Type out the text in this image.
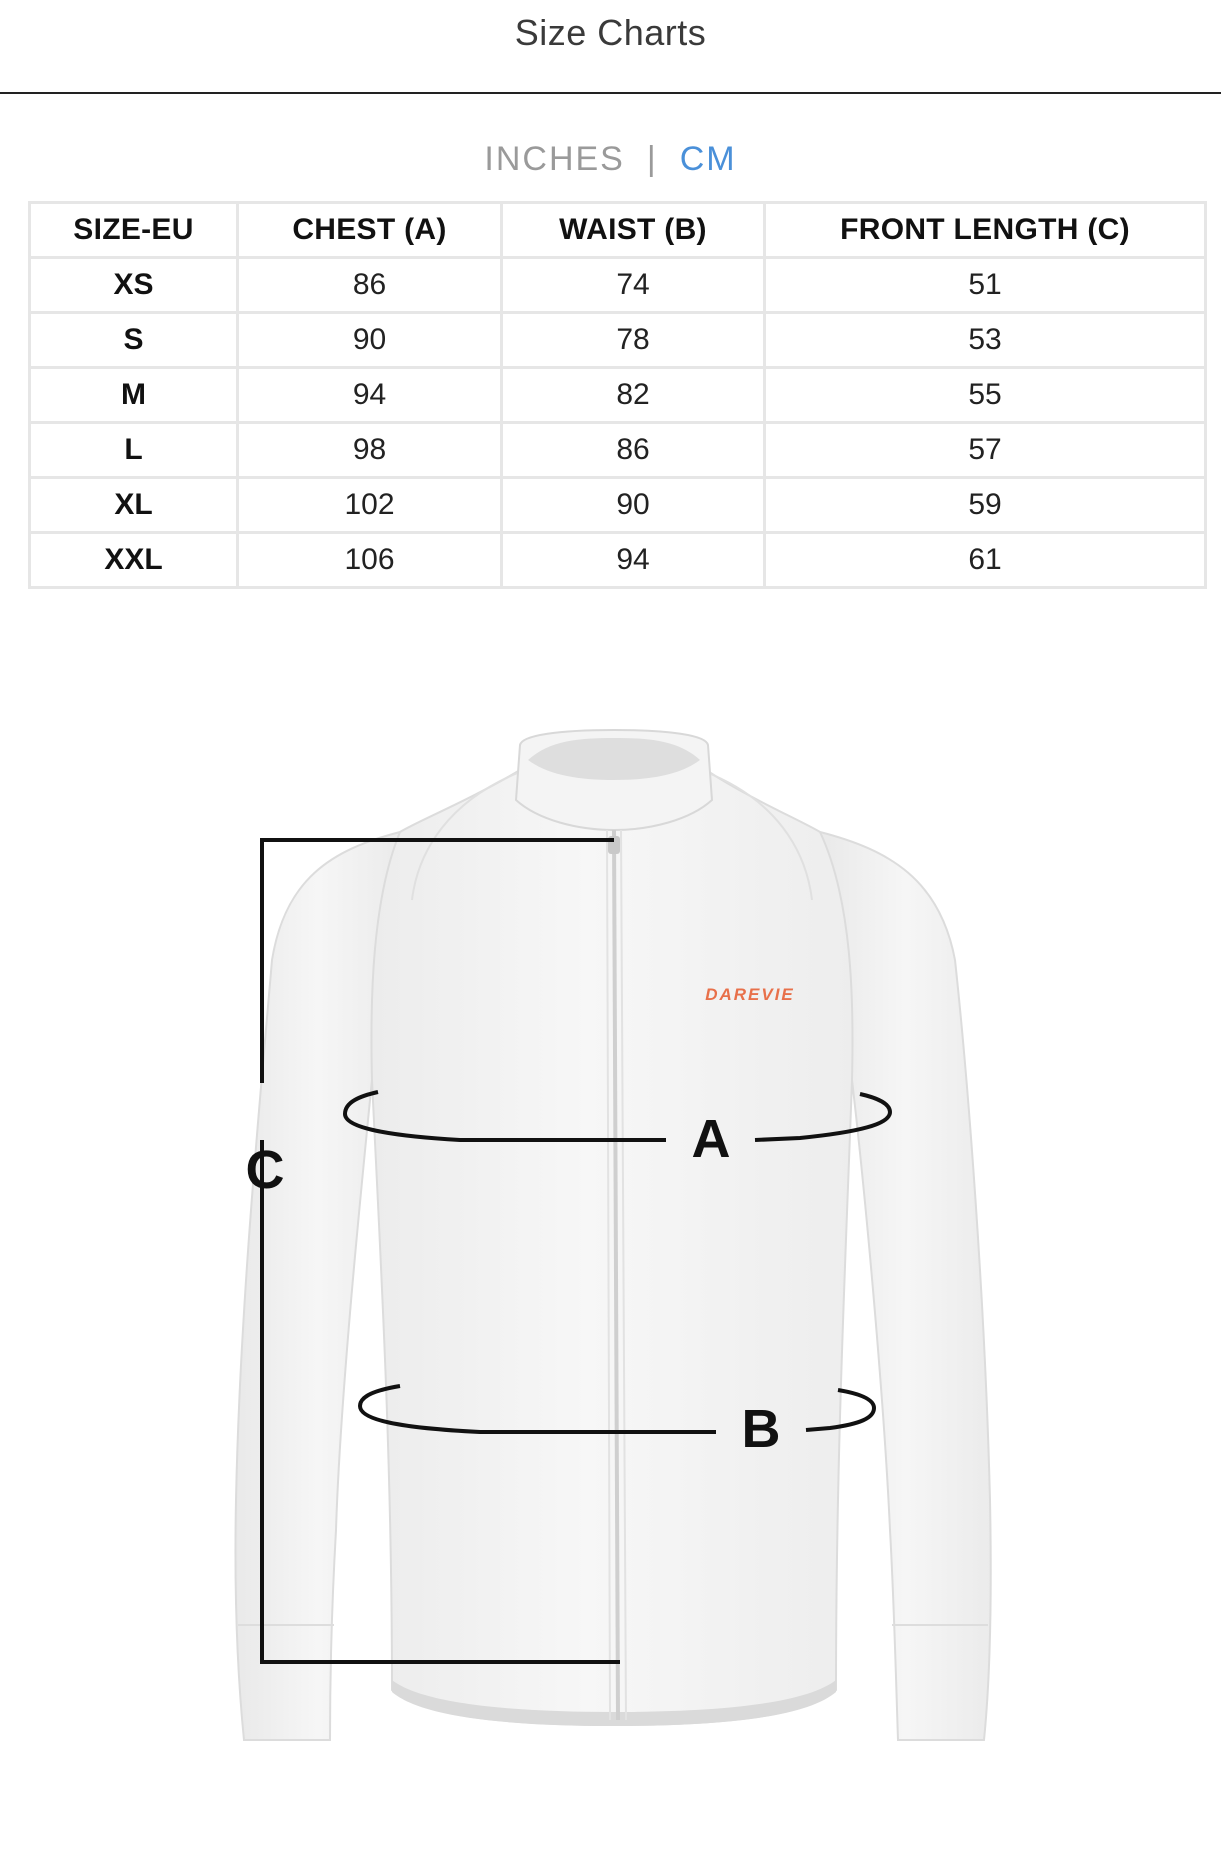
Size Charts
INCHES | CM
SIZE-EU	CHEST (A)	WAIST (B)	FRONT LENGTH (C)
XS	86	74	51
S	90	78	53
M	94	82	55
L	98	86	57
XL	102	90	59
XXL	106	94	61
DAREVIE
C
A
B
